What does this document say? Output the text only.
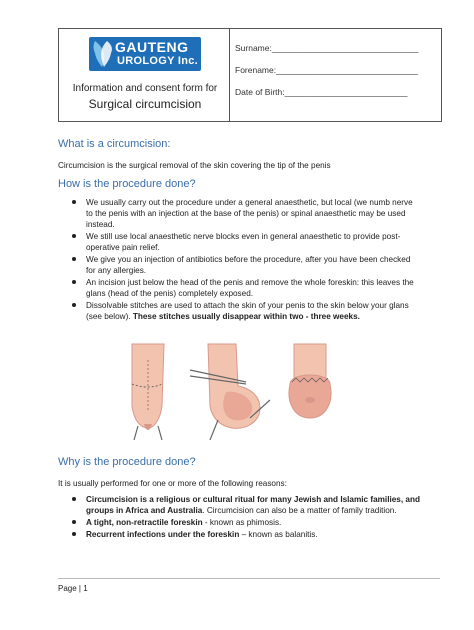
GAUTENG
UROLOGY Inc.
Information and consent form for
Surgical circumcision
Surname:_______________________________
Forename:______________________________
Date of Birth:__________________________
What is a circumcision:
Circumcision is the surgical removal of the skin covering the tip of the penis
How is the procedure done?
We usually carry out the procedure under a general anaesthetic, but local (we numb nerve to the penis with an injection at the base of the penis) or spinal anaesthetic may be used instead.
We still use local anaesthetic nerve blocks even in general anaesthetic to provide post-operative pain relief.
We give you an injection of antibiotics before the procedure, after you have been checked for any allergies.
An incision just below the head of the penis and remove the whole foreskin: this leaves the glans (head of the penis) completely exposed.
Dissolvable stitches are used to attach the skin of your penis to the skin below your glans (see below). These stitches usually disappear within two - three weeks.
Why is the procedure done?
It is usually performed for one or more of the following reasons:
Circumcision is a religious or cultural ritual for many Jewish and Islamic families, and groups in Africa and Australia. Circumcision can also be a matter of family tradition.
A tight, non-retractile foreskin - known as phimosis.
Recurrent infections under the foreskin – known as balanitis.
Page | 1
